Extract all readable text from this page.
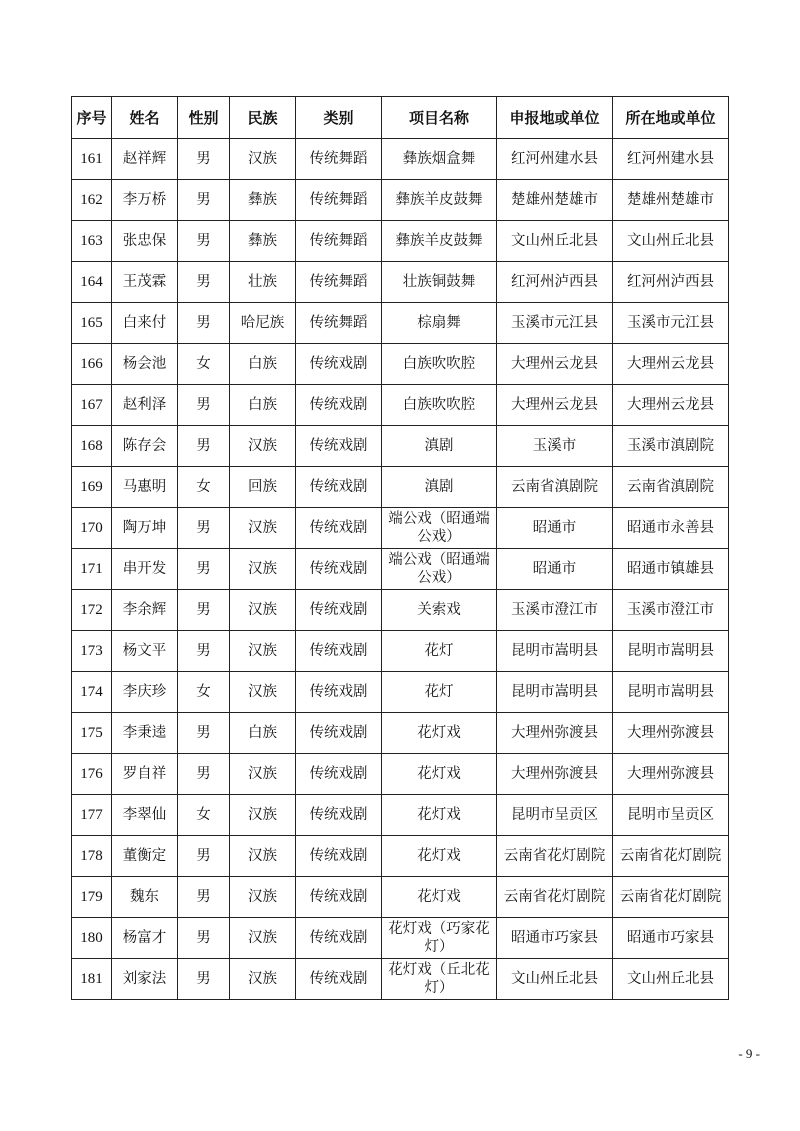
序号	姓名	性别	民族	类别	项目名称	申报地或单位	所在地或单位
161	赵祥辉	男	汉族	传统舞蹈	彝族烟盒舞	红河州建水县	红河州建水县
162	李万桥	男	彝族	传统舞蹈	彝族羊皮鼓舞	楚雄州楚雄市	楚雄州楚雄市
163	张忠保	男	彝族	传统舞蹈	彝族羊皮鼓舞	文山州丘北县	文山州丘北县
164	王茂霖	男	壮族	传统舞蹈	壮族铜鼓舞	红河州泸西县	红河州泸西县
165	白来付	男	哈尼族	传统舞蹈	棕扇舞	玉溪市元江县	玉溪市元江县
166	杨会池	女	白族	传统戏剧	白族吹吹腔	大理州云龙县	大理州云龙县
167	赵利泽	男	白族	传统戏剧	白族吹吹腔	大理州云龙县	大理州云龙县
168	陈存会	男	汉族	传统戏剧	滇剧	玉溪市	玉溪市滇剧院
169	马惠明	女	回族	传统戏剧	滇剧	云南省滇剧院	云南省滇剧院
170	陶万坤	男	汉族	传统戏剧	端公戏（昭通端公戏）	昭通市	昭通市永善县
171	串开发	男	汉族	传统戏剧	端公戏（昭通端公戏）	昭通市	昭通市镇雄县
172	李余辉	男	汉族	传统戏剧	关索戏	玉溪市澄江市	玉溪市澄江市
173	杨文平	男	汉族	传统戏剧	花灯	昆明市嵩明县	昆明市嵩明县
174	李庆珍	女	汉族	传统戏剧	花灯	昆明市嵩明县	昆明市嵩明县
175	李秉逵	男	白族	传统戏剧	花灯戏	大理州弥渡县	大理州弥渡县
176	罗自祥	男	汉族	传统戏剧	花灯戏	大理州弥渡县	大理州弥渡县
177	李翠仙	女	汉族	传统戏剧	花灯戏	昆明市呈贡区	昆明市呈贡区
178	董衡定	男	汉族	传统戏剧	花灯戏	云南省花灯剧院	云南省花灯剧院
179	魏东	男	汉族	传统戏剧	花灯戏	云南省花灯剧院	云南省花灯剧院
180	杨富才	男	汉族	传统戏剧	花灯戏（巧家花灯）	昭通市巧家县	昭通市巧家县
181	刘家法	男	汉族	传统戏剧	花灯戏（丘北花灯）	文山州丘北县	文山州丘北县
- 9 -
